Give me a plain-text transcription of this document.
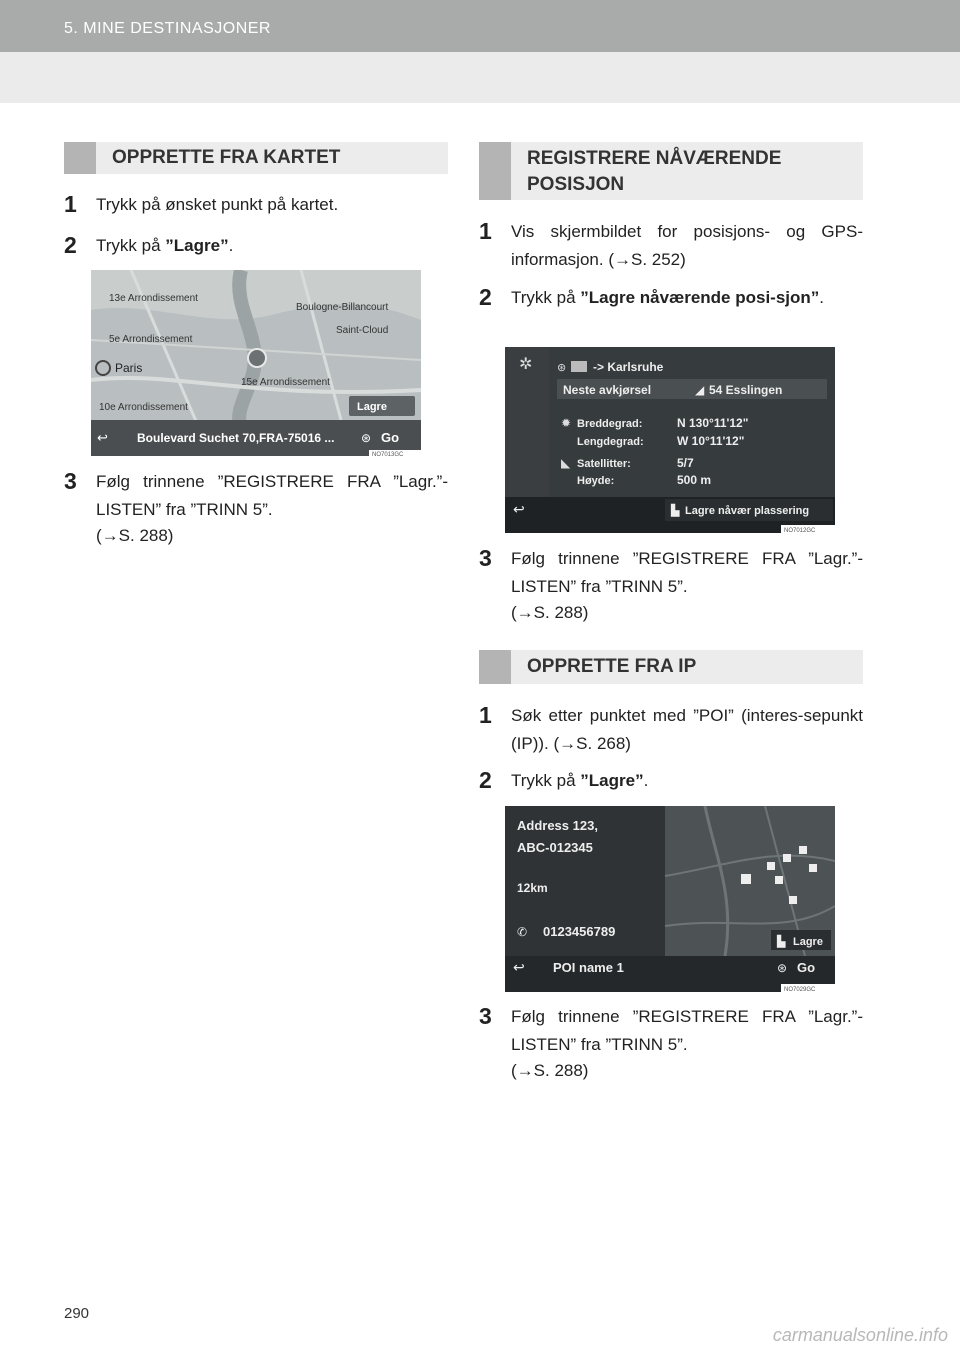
5. MINE DESTINASJONER
OPPRETTE FRA KARTET
1 Trykk på ønsket punkt på kartet.
2 Trykk på ”Lagre”.
13e Arrondissement
Boulogne-Billancourt
5e Arrondissement
Saint-Cloud
Paris
15e Arrondissement
10e Arrondissement	Lagre
↩ Boulevard Suchet 70,FRA-75016 ... ⊛ Go
NO7013GC
3 Følg trinnene ”REGISTRERE FRA ”Lagr.”-LISTEN” fra ”TRINN 5”.
(→S. 288)
REGISTRERE NÅVÆRENDE
POSISJON
1 Vis skjermbildet for posisjons- og GPS-informasjon. (→S. 252)
2 Trykk på ”Lagre nåværende posi-sjon”.
✲ ⊛ -> Karlsruhe
Neste avkjørsel	◢ 54 Esslingen
✹ Breddegrad:	N 130°11'12"
Lengdegrad:	W 10°11'12"
◣ Satellitter:	5/7
Høyde:	500 m
↩	▙ Lagre nåvær plassering
NO7012GC
3 Følg trinnene ”REGISTRERE FRA ”Lagr.”-LISTEN” fra ”TRINN 5”.
(→S. 288)
OPPRETTE FRA IP
1 Søk etter punktet med ”POI” (interes-sepunkt (IP)). (→S. 268)
2 Trykk på ”Lagre”.
Address 123,
ABC-012345
12km
✆ 0123456789
▙ Lagre
↩ POI name 1	⊛ Go
NO7029GC
3 Følg trinnene ”REGISTRERE FRA ”Lagr.”-LISTEN” fra ”TRINN 5”.
(→S. 288)
290
carmanualsonline.info
